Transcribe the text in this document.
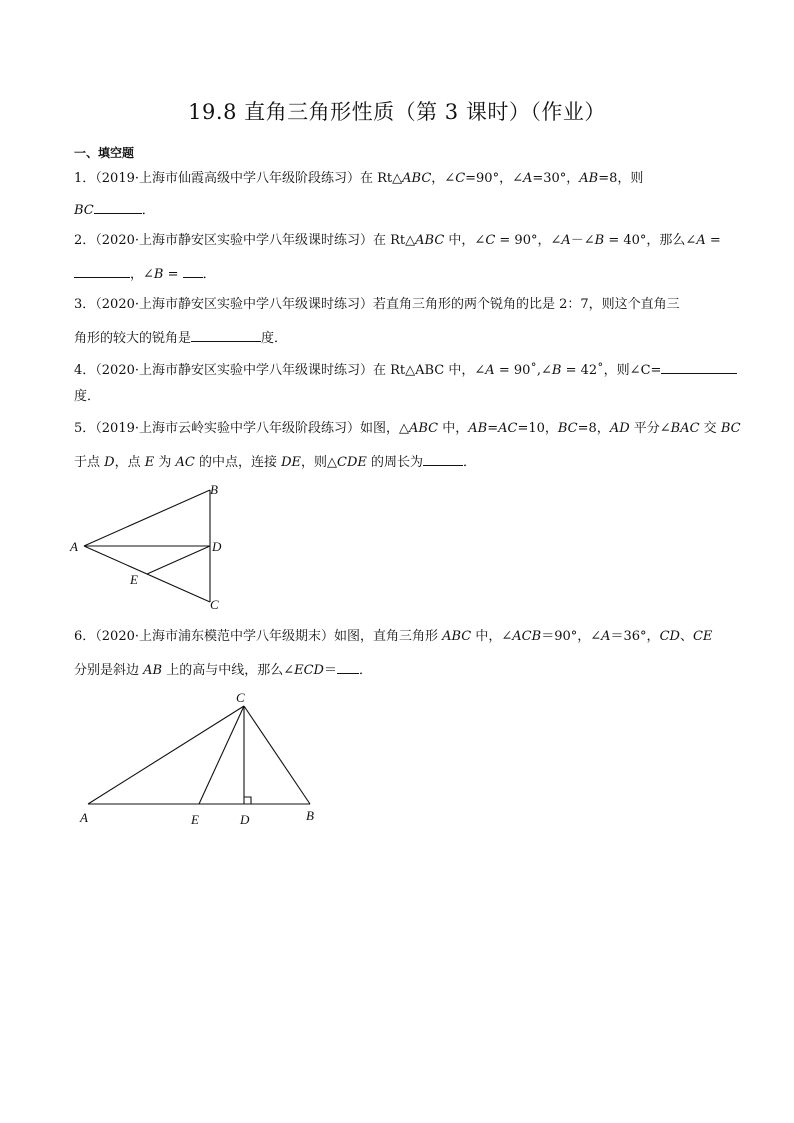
19.8 直角三角形性质（第 3 课时）（作业）
一、填空题
1．（2019·上海市仙霞高级中学八年级阶段练习）在 Rt△ABC，∠C=90°，∠A=30°，AB=8，则
BC	．
2．（2020·上海市静安区实验中学八年级课时练习）在 Rt△ABC 中，∠C = 90°，∠A－∠B = 40°，那么∠A =
，∠B = ．
3．（2020·上海市静安区实验中学八年级课时练习）若直角三角形的两个锐角的比是 2：7，则这个直角三
角形的较大的锐角是	度．
4．（2020·上海市静安区实验中学八年级课时练习）在 Rt△ABC 中，∠A = 90˚,∠B = 42˚，则∠C=
度．
5．（2019·上海市云岭实验中学八年级阶段练习）如图，△ABC 中，AB=AC=10，BC=8，AD 平分∠BAC 交 BC
于点 D，点 E 为 AC 的中点，连接 DE，则△CDE 的周长为	．
A
B
D
E
C
6．（2020·上海市浦东模范中学八年级期末）如图，直角三角形 ABC 中，∠ACB＝90°，∠A＝36°，CD、CE
分别是斜边 AB 上的高与中线，那么∠ECD＝ ．
C
A	E	D	B
